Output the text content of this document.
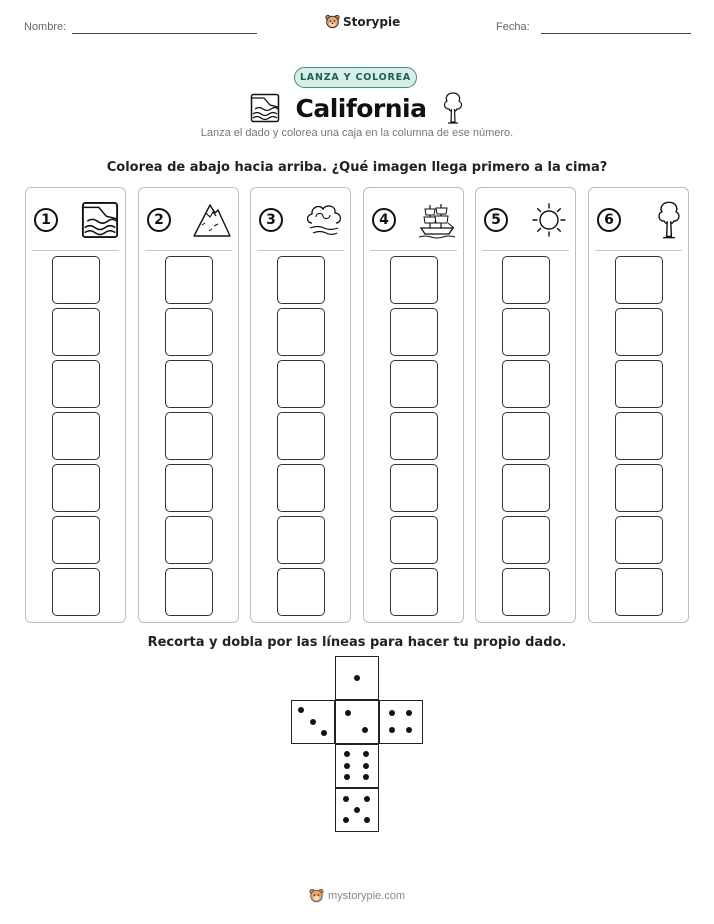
Nombre:	Storypie	Fecha:
LANZA Y COLOREA
California
Lanza el dado y colorea una caja en la columna de ese número.
Colorea de abajo hacia arriba. ¿Qué imagen llega primero a la cima?
1	2	3	4	5	6
Recorta y dobla por las líneas para hacer tu propio dado.
mystorypie.com
